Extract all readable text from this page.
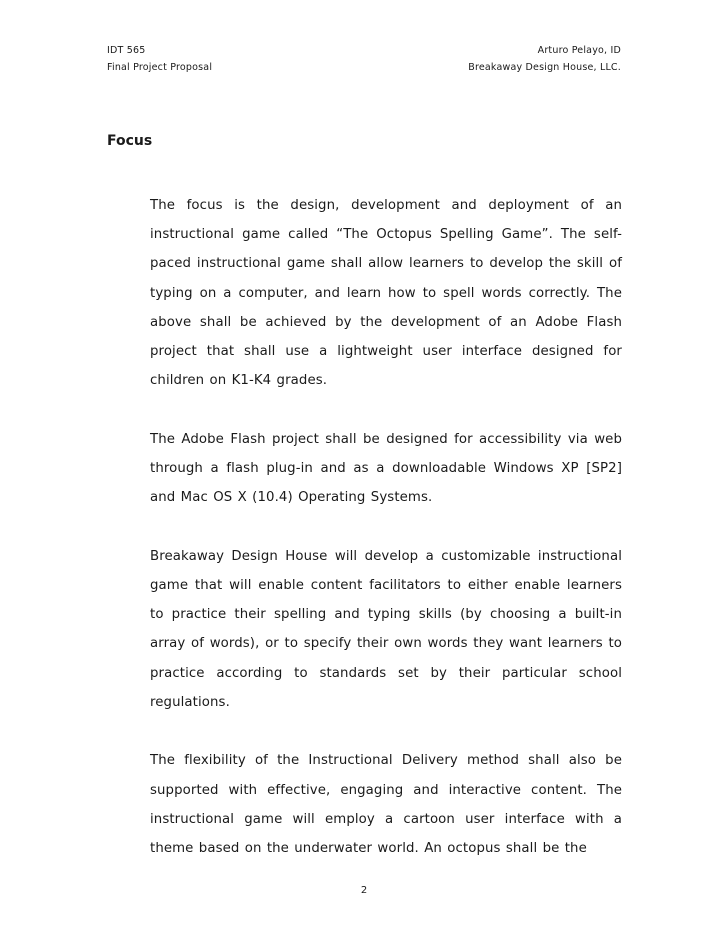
IDT 565
Final Project Proposal
Arturo Pelayo, ID
Breakaway Design House, LLC.
Focus

The focus is the design, development and deployment of an instructional game called “The Octopus Spelling Game”. The self-paced instructional game shall allow learners to develop the skill of typing on a computer, and learn how to spell words correctly. The above shall be achieved by the development of an Adobe Flash project that shall use a lightweight user interface designed for children on K1-K4 grades.

The Adobe Flash project shall be designed for accessibility via web through a flash plug-in and as a downloadable Windows XP [SP2] and Mac OS X (10.4) Operating Systems.

Breakaway Design House will develop a customizable instructional game that will enable content facilitators to either enable learners to practice their spelling and typing skills (by choosing a built-in array of words), or to specify their own words they want learners to practice according to standards set by their particular school regulations.

The flexibility of the Instructional Delivery method shall also be supported with effective, engaging and interactive content. The instructional game will employ a cartoon user interface with a theme based on the underwater world. An octopus shall be the

2
